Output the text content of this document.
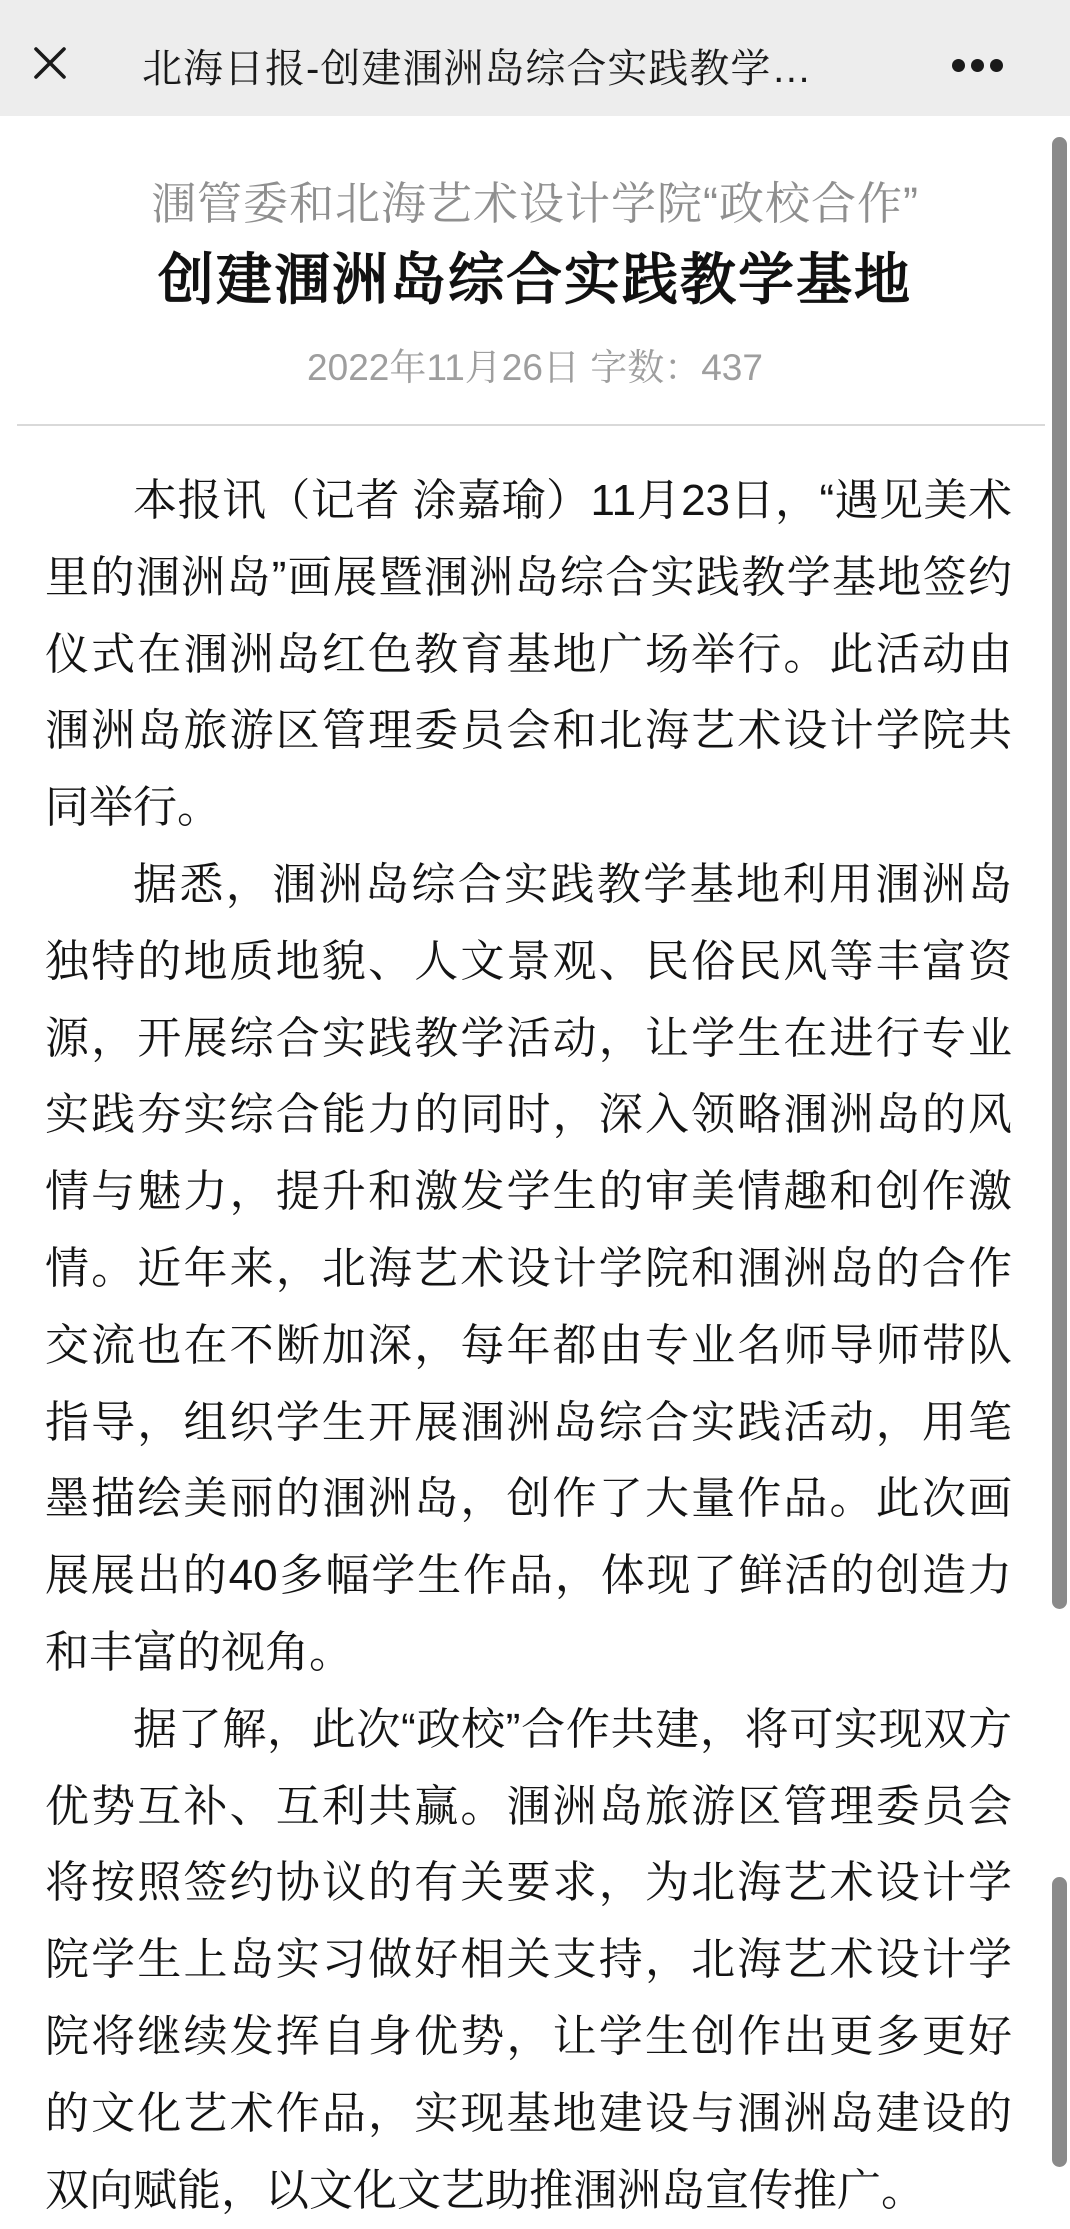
北海日报-创建涠洲岛综合实践教学…
涠管委和北海艺术设计学院“政校合作”
创建涠洲岛综合实践教学基地
2022年11月26日 字数：437

本报讯（记者 涂嘉瑜）11月23日，“遇见美术里的涠洲岛”画展暨涠洲岛综合实践教学基地签约仪式在涠洲岛红色教育基地广场举行。此活动由涠洲岛旅游区管理委员会和北海艺术设计学院共同举行。

据悉，涠洲岛综合实践教学基地利用涠洲岛独特的地质地貌、人文景观、民俗民风等丰富资源，开展综合实践教学活动，让学生在进行专业实践夯实综合能力的同时，深入领略涠洲岛的风情与魅力，提升和激发学生的审美情趣和创作激情。近年来，北海艺术设计学院和涠洲岛的合作交流也在不断加深，每年都由专业名师导师带队指导，组织学生开展涠洲岛综合实践活动，用笔墨描绘美丽的涠洲岛，创作了大量作品。此次画展展出的40多幅学生作品，体现了鲜活的创造力和丰富的视角。

据了解，此次“政校”合作共建，将可实现双方优势互补、互利共赢。涠洲岛旅游区管理委员会将按照签约协议的有关要求，为北海艺术设计学院学生上岛实习做好相关支持，北海艺术设计学院将继续发挥自身优势，让学生创作出更多更好的文化艺术作品，实现基地建设与涠洲岛建设的双向赋能，以文化文艺助推涠洲岛宣传推广。
